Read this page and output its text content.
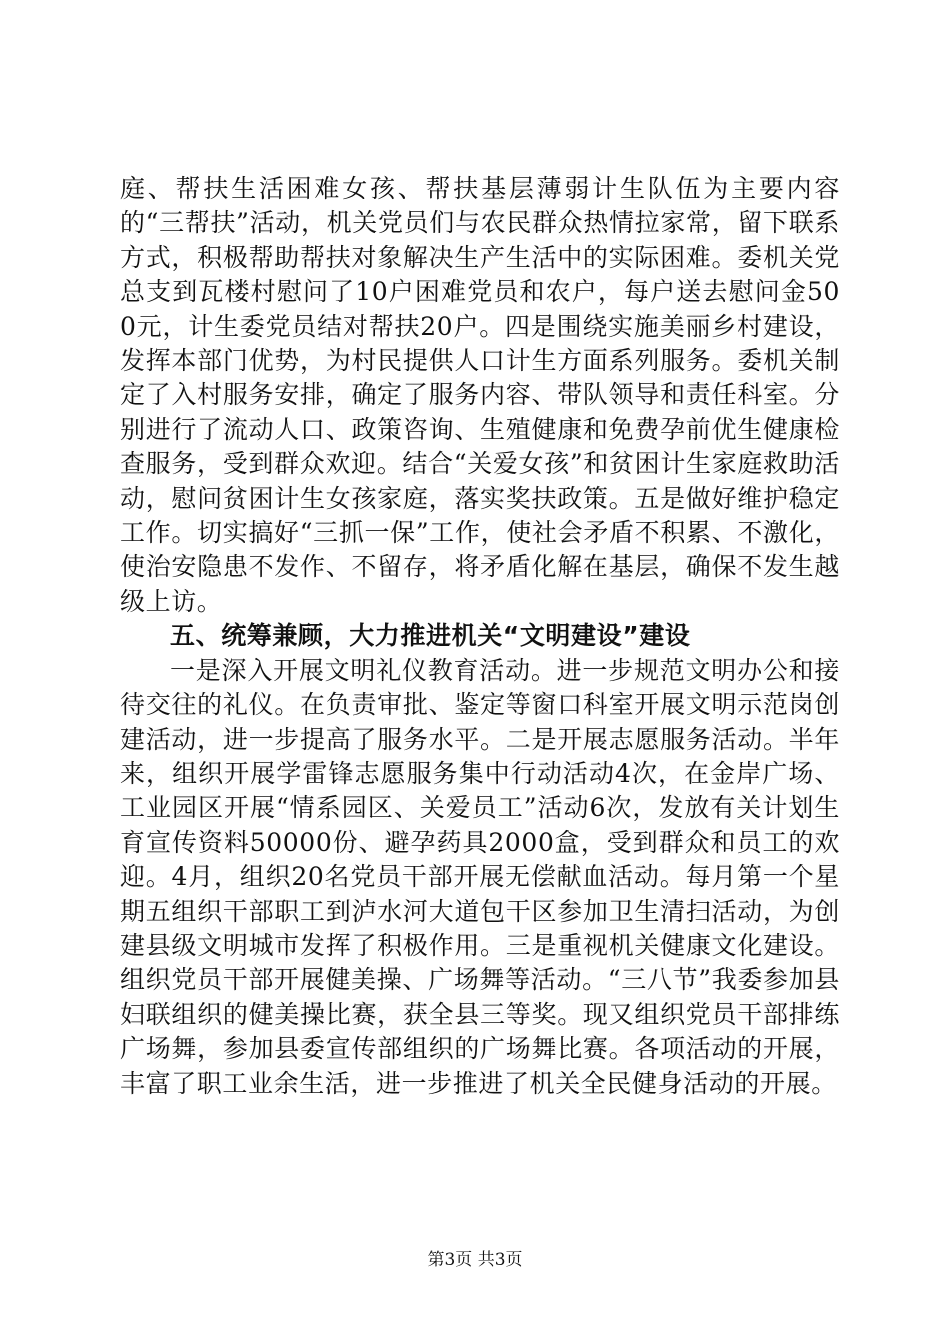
庭、帮扶生活困难女孩、帮扶基层薄弱计生队伍为主要内容的“三帮扶”活动，机关党员们与农民群众热情拉家常，留下联系方式，积极帮助帮扶对象解决生产生活中的实际困难。委机关党总支到瓦楼村慰问了10户困难党员和农户，每户送去慰问金500元，计生委党员结对帮扶20户。四是围绕实施美丽乡村建设，发挥本部门优势，为村民提供人口计生方面系列服务。委机关制定了入村服务安排，确定了服务内容、带队领导和责任科室。分别进行了流动人口、政策咨询、生殖健康和免费孕前优生健康检查服务，受到群众欢迎。结合“关爱女孩”和贫困计生家庭救助活动，慰问贫困计生女孩家庭，落实奖扶政策。五是做好维护稳定工作。切实搞好“三抓一保”工作，使社会矛盾不积累、不激化，使治安隐患不发作、不留存，将矛盾化解在基层，确保不发生越级上访。

五、统筹兼顾，大力推进机关“文明建设”建设

一是深入开展文明礼仪教育活动。进一步规范文明办公和接待交往的礼仪。在负责审批、鉴定等窗口科室开展文明示范岗创建活动，进一步提高了服务水平。二是开展志愿服务活动。半年来，组织开展学雷锋志愿服务集中行动活动4次，在金岸广场、工业园区开展“情系园区、关爱员工”活动6次，发放有关计划生育宣传资料50000份、避孕药具2000盒，受到群众和员工的欢迎。4月，组织20名党员干部开展无偿献血活动。每月第一个星期五组织干部职工到泸水河大道包干区参加卫生清扫活动，为创建县级文明城市发挥了积极作用。三是重视机关健康文化建设。组织党员干部开展健美操、广场舞等活动。“三八节”我委参加县妇联组织的健美操比赛，获全县三等奖。现又组织党员干部排练广场舞，参加县委宣传部组织的广场舞比赛。各项活动的开展，丰富了职工业余生活，进一步推进了机关全民健身活动的开展。

第3页 共3页
